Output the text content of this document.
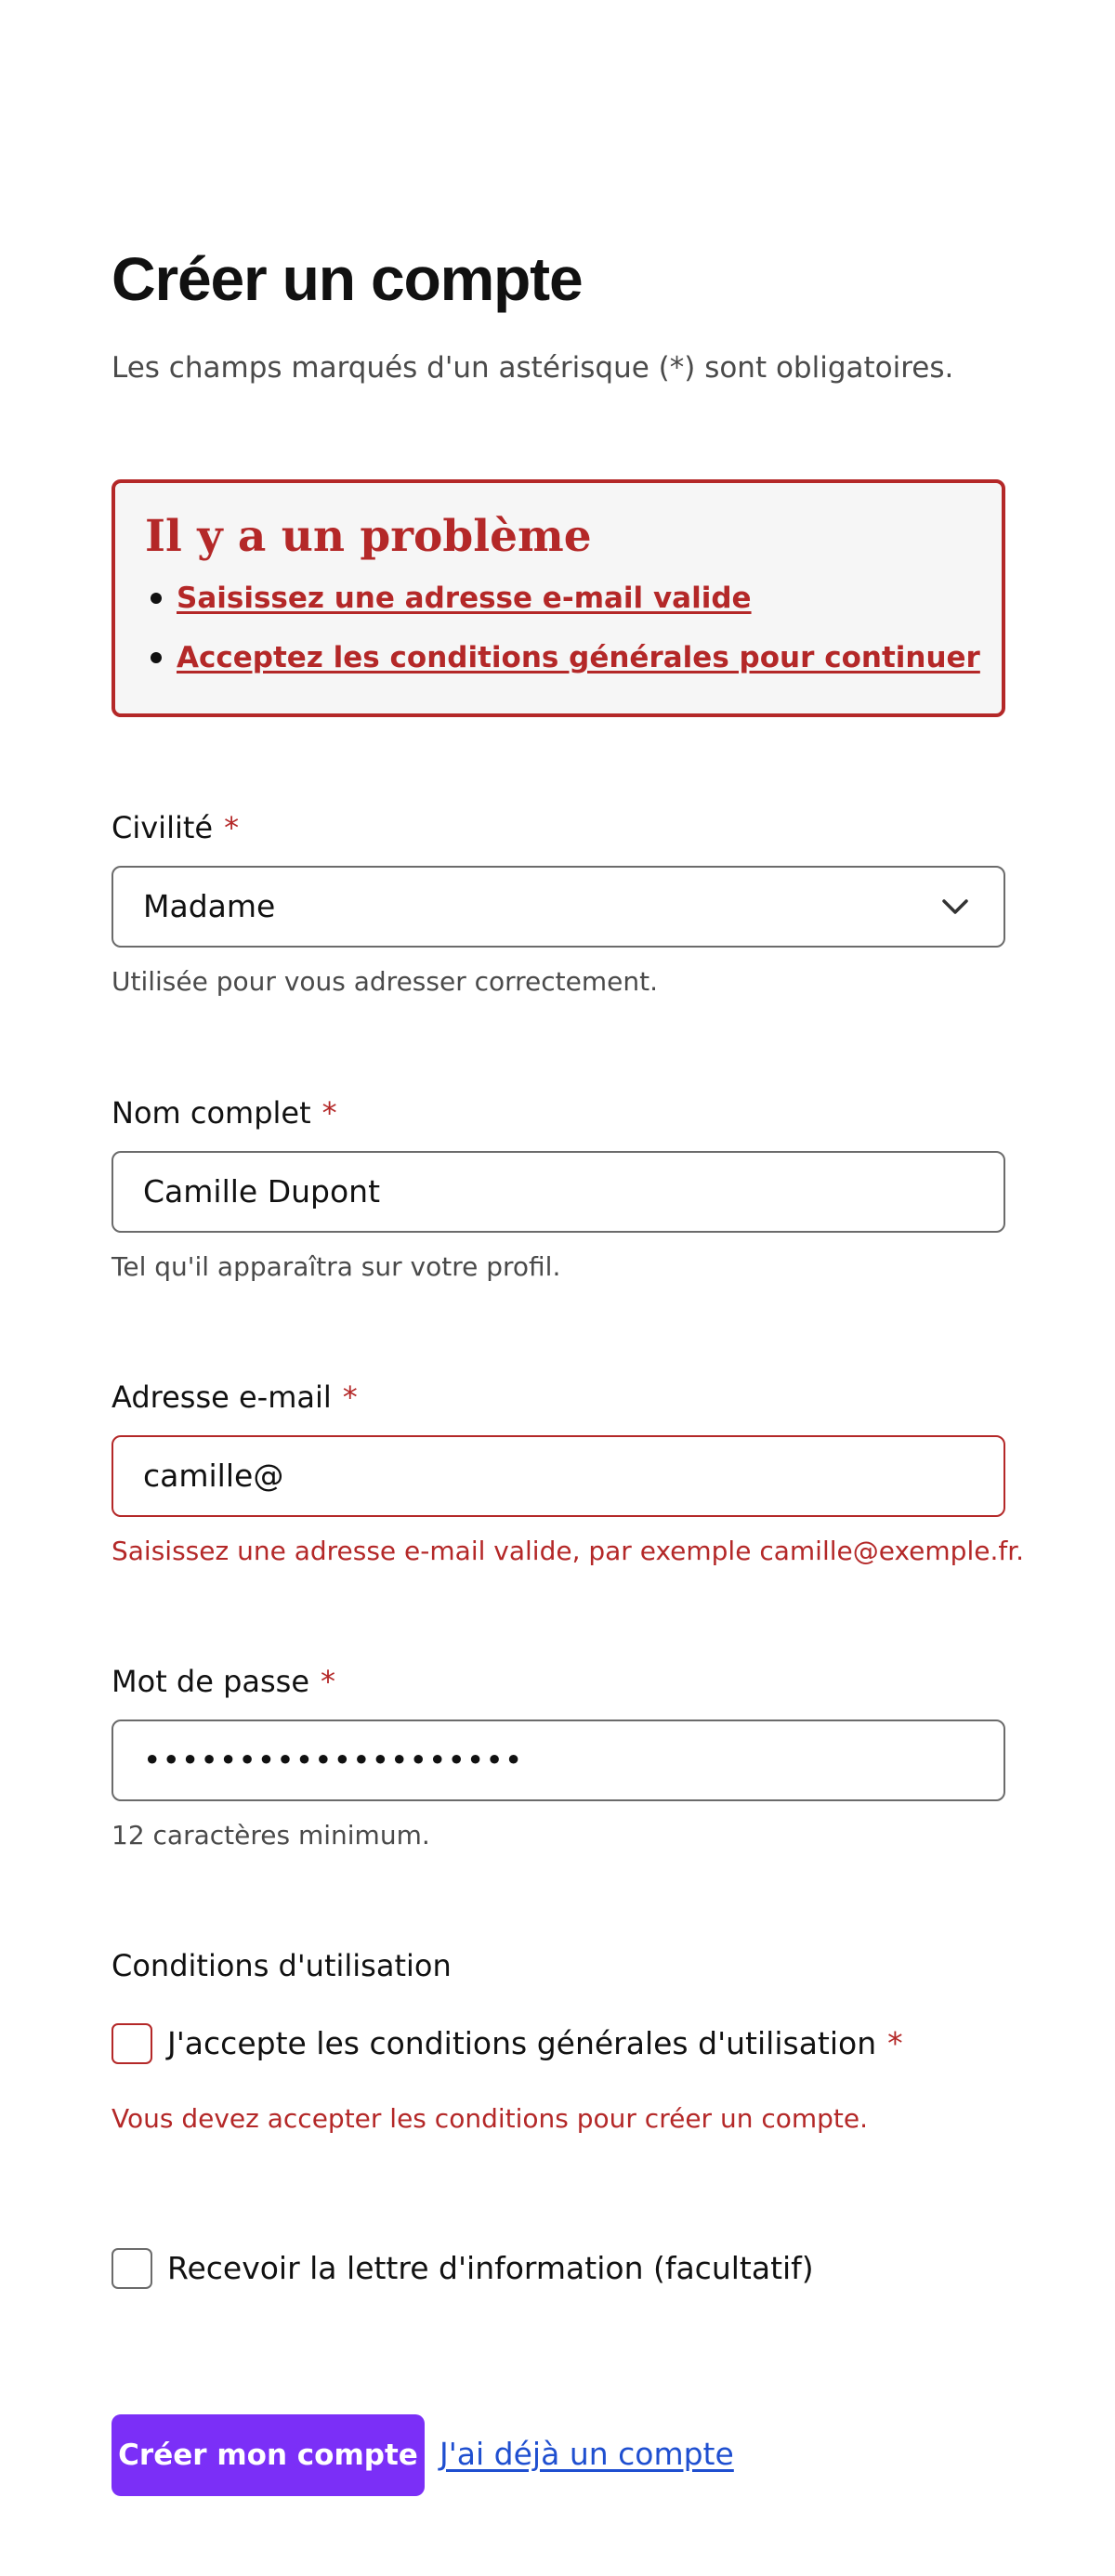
Créer un compte
Les champs marqués d'un astérisque (*) sont obligatoires.
Il y a un problème
Saisissez une adresse e-mail valide
Acceptez les conditions générales pour continuer
Civilité *
Madame
Utilisée pour vous adresser correctement.
Nom complet *
Camille Dupont
Tel qu'il apparaîtra sur votre profil.
Adresse e-mail *
camille@
Saisissez une adresse e-mail valide, par exemple camille@exemple.fr.
Mot de passe *
••••••••••••••••••••
12 caractères minimum.
Conditions d'utilisation
J'accepte les conditions générales d'utilisation *
Vous devez accepter les conditions pour créer un compte.
Recevoir la lettre d'information (facultatif)
Créer mon compte J'ai déjà un compte
